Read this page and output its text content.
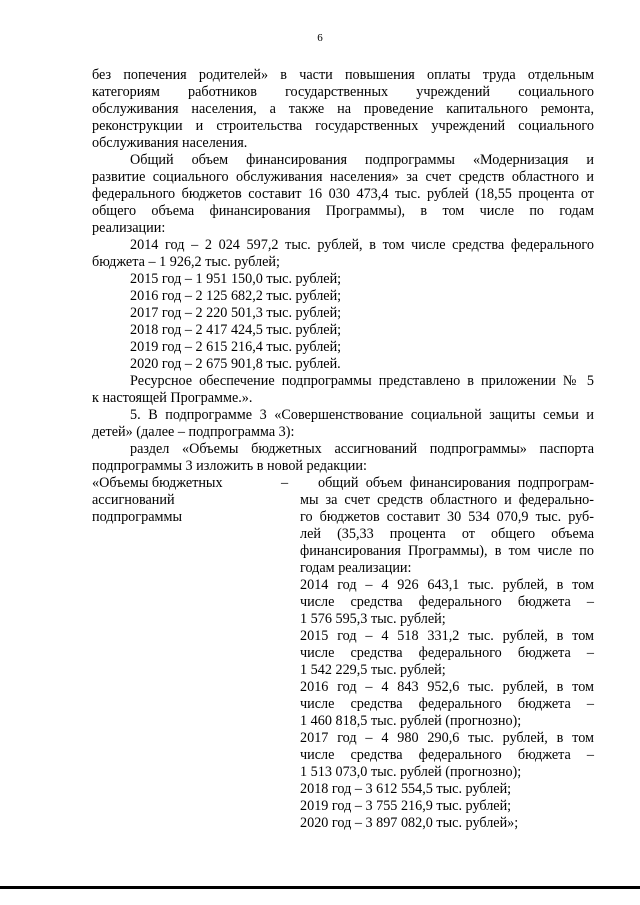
6
без попечения родителей» в части повышения оплаты труда отдельным
категориям работников государственных учреждений социального
обслуживания населения, а также на проведение капитального ремонта,
реконструкции и строительства государственных учреждений социального
обслуживания населения.
Общий объем финансирования подпрограммы «Модернизация и
развитие социального обслуживания населения» за счет средств областного и
федерального бюджетов составит 16 030 473,4 тыс. рублей (18,55 процента от
общего объема финансирования Программы), в том числе по годам
реализации:
2014 год – 2 024 597,2 тыс. рублей, в том числе средства федерального
бюджета – 1 926,2 тыс. рублей;
2015 год – 1 951 150,0 тыс. рублей;
2016 год – 2 125 682,2 тыс. рублей;
2017 год – 2 220 501,3 тыс. рублей;
2018 год – 2 417 424,5 тыс. рублей;
2019 год – 2 615 216,4 тыс. рублей;
2020 год – 2 675 901,8 тыс. рублей.
Ресурсное обеспечение подпрограммы представлено в приложении № 5
к настоящей Программе.».
5. В подпрограмме 3 «Совершенствование социальной защиты семьи и
детей» (далее – подпрограмма 3):
раздел «Объемы бюджетных ассигнований подпрограммы» паспорта
подпрограммы 3 изложить в новой редакции:
«Объемы бюджетных
ассигнований
подпрограммы
–	общий объем финансирования подпрограм-
мы за счет средств областного и федерально-
го бюджетов составит 30 534 070,9 тыс. руб-
лей (35,33 процента от общего объема
финансирования Программы), в том числе по
годам реализации:
2014 год – 4 926 643,1 тыс. рублей, в том
числе средства федерального бюджета –
1 576 595,3 тыс. рублей;
2015 год – 4 518 331,2 тыс. рублей, в том
числе средства федерального бюджета –
1 542 229,5 тыс. рублей;
2016 год – 4 843 952,6 тыс. рублей, в том
числе средства федерального бюджета –
1 460 818,5 тыс. рублей (прогнозно);
2017 год – 4 980 290,6 тыс. рублей, в том
числе средства федерального бюджета –
1 513 073,0 тыс. рублей (прогнозно);
2018 год – 3 612 554,5 тыс. рублей;
2019 год – 3 755 216,9 тыс. рублей;
2020 год – 3 897 082,0 тыс. рублей»;
